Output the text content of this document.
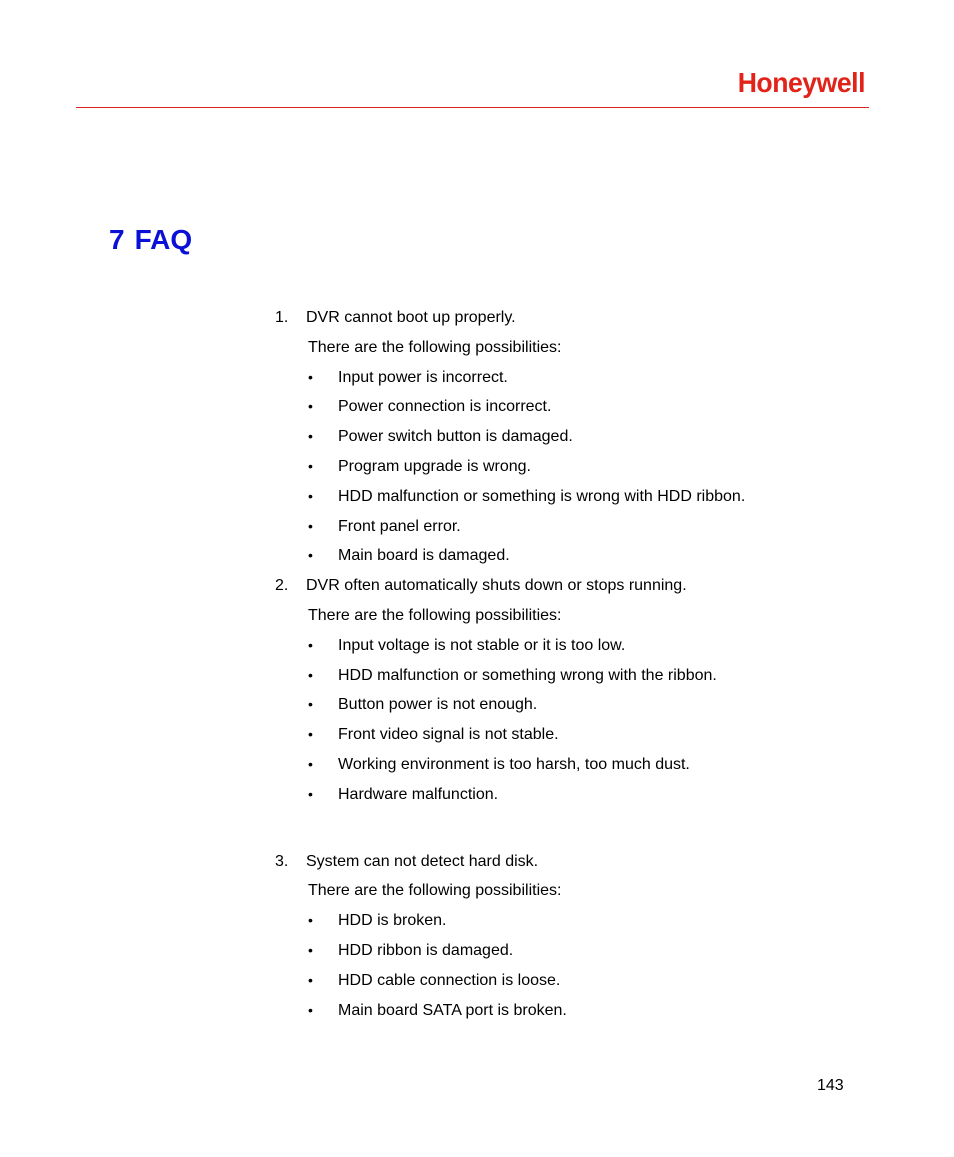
Honeywell
7 FAQ
1. DVR cannot boot up properly.
There are the following possibilities:
• Input power is incorrect.
• Power connection is incorrect.
• Power switch button is damaged.
• Program upgrade is wrong.
• HDD malfunction or something is wrong with HDD ribbon.
• Front panel error.
• Main board is damaged.
2. DVR often automatically shuts down or stops running.
There are the following possibilities:
• Input voltage is not stable or it is too low.
• HDD malfunction or something wrong with the ribbon.
• Button power is not enough.
• Front video signal is not stable.
• Working environment is too harsh, too much dust.
• Hardware malfunction.
3. System can not detect hard disk.
There are the following possibilities:
• HDD is broken.
• HDD ribbon is damaged.
• HDD cable connection is loose.
• Main board SATA port is broken.
143
